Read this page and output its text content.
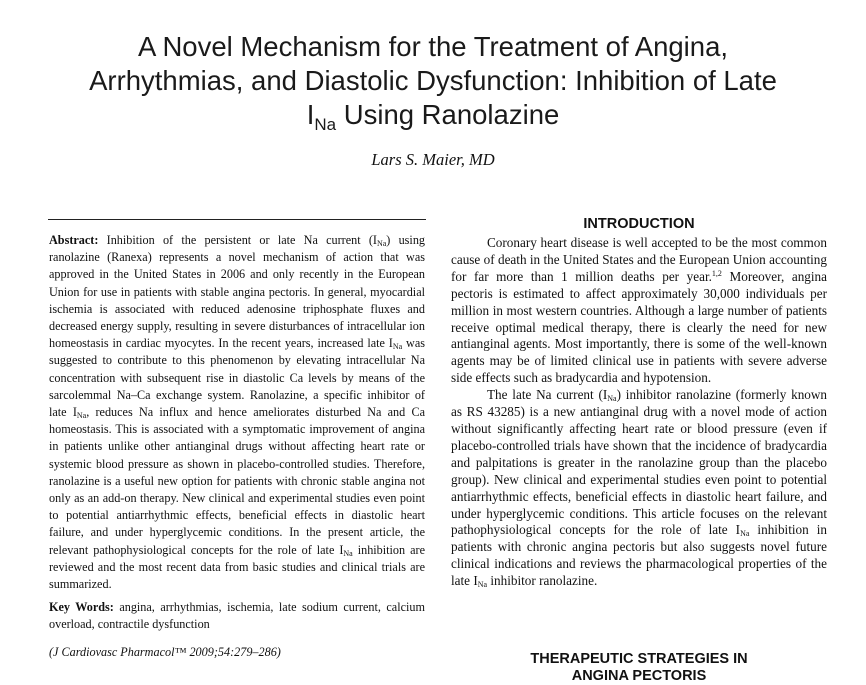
A Novel Mechanism for the Treatment of Angina,
Arrhythmias, and Diastolic Dysfunction: Inhibition of Late
$I_{Na}$ Using Ranolazine
Lars S. Maier, MD

Abstract: Inhibition of the persistent or late Na current $(I_{Na})$ using ranolazine (Ranexa) represents a novel mechanism of action that was approved in the United States in 2006 and only recently in the European Union for use in patients with stable angina pectoris. In general, myocardial ischemia is associated with reduced adenosine triphosphate fluxes and decreased energy supply, resulting in severe disturbances of intracellular ion homeostasis in cardiac myocytes. In the recent years, increased late $I_{Na}$ was suggested to contribute to this phenomenon by elevating intracellular Na concentration with subsequent rise in diastolic Ca levels by means of the sarcolemmal Na–Ca exchange system. Ranolazine, a specific inhibitor of late $I_{Na}$, reduces Na influx and hence ameliorates disturbed Na and Ca homeostasis. This is associated with a symptomatic improvement of angina in patients unlike other antianginal drugs without affecting heart rate or systemic blood pressure as shown in placebo-controlled studies. Therefore, ranolazine is a useful new option for patients with chronic stable angina not only as an add-on therapy. New clinical and experimental studies even point to potential antiarrhythmic effects, beneficial effects in diastolic heart failure, and under hyperglycemic conditions. In the present article, the relevant pathophysiological concepts for the role of late $I_{Na}$ inhibition are reviewed and the most recent data from basic studies and clinical trials are summarized.

Key Words: angina, arrhythmias, ischemia, late sodium current, calcium overload, contractile dysfunction

(J Cardiovasc Pharmacol™ 2009;54:279–286)

INTRODUCTION

Coronary heart disease is well accepted to be the most common cause of death in the United States and the European Union accounting for far more than 1 million deaths per year.$^{1,2}$ Moreover, angina pectoris is estimated to affect approximately 30,000 individuals per million in most western countries. Although a large number of patients receive optimal medical therapy, there is clearly the need for new antianginal agents. Most importantly, there is some of the well-known agents may be of limited clinical use in patients with severe adverse side effects such as bradycardia and hypotension.

The late Na current $(I_{Na})$ inhibitor ranolazine (formerly known as RS 43285) is a new antianginal drug with a novel mode of action without significantly affecting heart rate or blood pressure (even if placebo-controlled trials have shown that the incidence of bradycardia and palpitations is greater in the ranolazine group than the placebo group). New clinical and experimental studies even point to potential antiarrhythmic effects, beneficial effects in diastolic heart failure, and under hyperglycemic conditions. This article focuses on the relevant pathophysiological concepts for the role of late $I_{Na}$ inhibition in patients with chronic angina pectoris but also suggests novel future clinical indications and reviews the pharmacological properties of the late $I_{Na}$ inhibitor ranolazine.

THERAPEUTIC STRATEGIES IN
ANGINA PECTORIS
